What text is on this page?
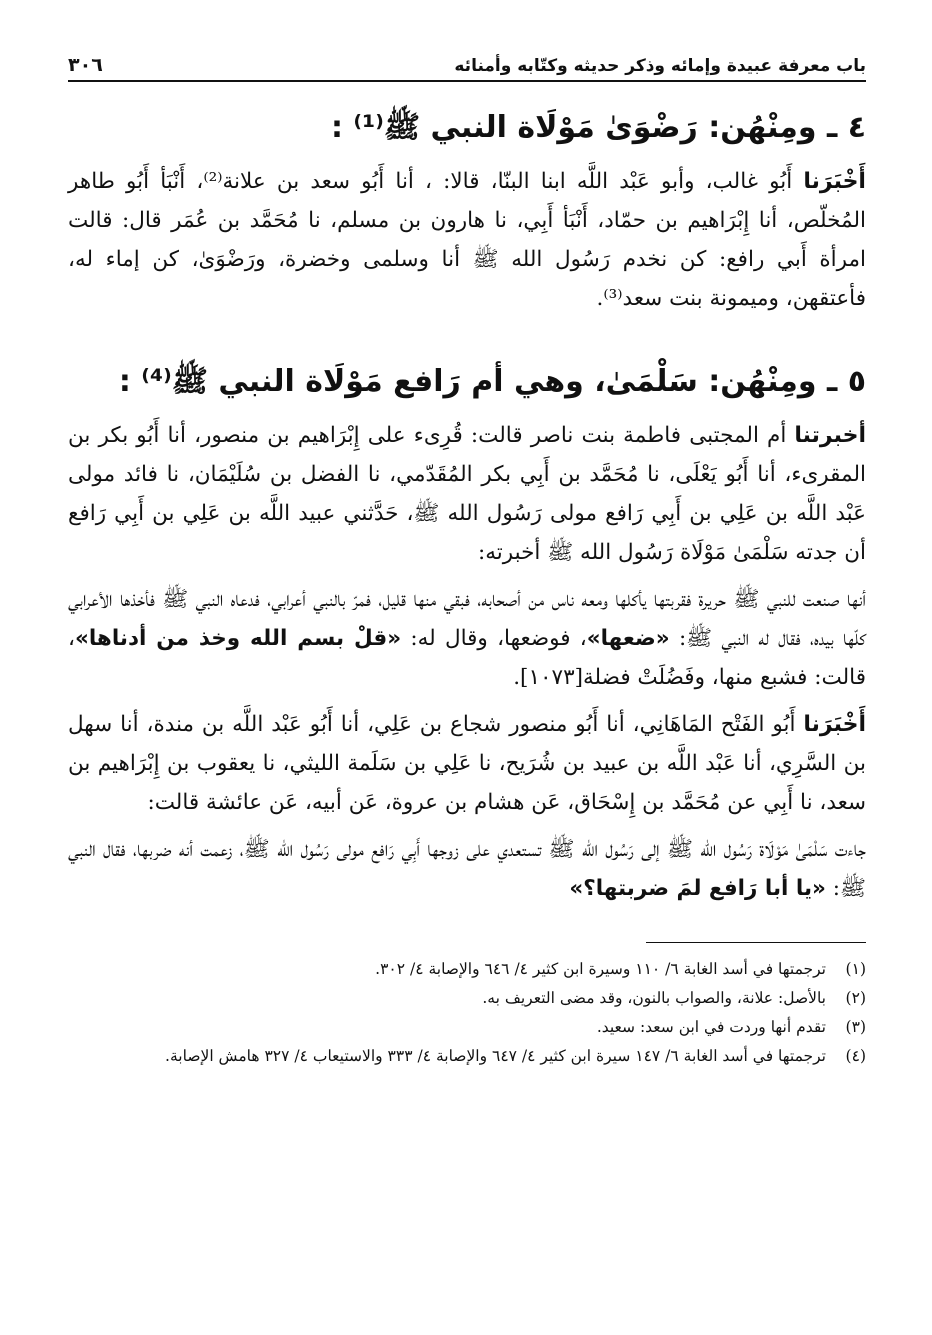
باب معرفة عبيدة وإمائه وذكر حديثه وكتّابه وأمنائه
٣٠٦
٤ ـ ومِنْهُن: رَضْوَىٰ مَوْلَاة النبي ﷺ⁽¹⁾ :

أَخْبَرَنا أَبُو غالب، وأبو عَبْد اللَّه ابنا البنّا، قالا: ، أنا أَبُو سعد بن علانة⁽²⁾، أَنْبَأ أَبُو طاهر المُخلّص، أنا إِبْرَاهيم بن حمّاد، أَنْبَأ أَبِي، نا هارون بن مسلم، نا مُحَمَّد بن عُمَر قال: قالت امرأة أَبي رافع: كن نخدم رَسُول الله ﷺ أنا وسلمى وخضرة، ورَضْوَىٰ، كن إماء له، فأعتقهن، وميمونة بنت سعد⁽³⁾.

٥ ـ ومِنْهُن: سَلْمَىٰ، وهي أم رَافع مَوْلَاة النبي ﷺ⁽⁴⁾ :

أخبرتنا أم المجتبى فاطمة بنت ناصر قالت: قُرِىء على إِبْرَاهيم بن منصور، أنا أَبُو بكر بن المقرىء، أنا أَبُو يَعْلَى، نا مُحَمَّد بن أَبِي بكر المُقَدّمي، نا الفضل بن سُلَيْمَان، نا فائد مولى عَبْد اللَّه بن عَلِي بن أَبِي رَافع مولى رَسُول الله ﷺ، حَدَّثني عبيد اللَّه بن عَلِي بن أَبِي رَافع أن جدته سَلْمَىٰ مَوْلَاة رَسُول الله ﷺ أخبرته:

أنها صنعت للنبي ﷺ حريرة فقربتها يأكلها ومعه ناس من أصحابه، فبقي منها قليل، فمرّ بالنبي أعرابي، فدعاه النبي ﷺ فأخذها الأعرابي كلّها بيده، فقال له النبي ﷺ: «ضعها»، فوضعها، وقال له: «قلْ بسم الله وخذ من أدناها»، قالت: فشبع منها، وفَضُلَتْ فضلة[١٠٧٣].

أَخْبَرَنا أَبُو الفَتْح المَاهَانِي، أنا أَبُو منصور شجاع بن عَلِي، أنا أَبُو عَبْد اللَّه بن مندة، أنا سهل بن السَّرِي، أنا عَبْد اللَّه بن عبيد بن شُرَيح، نا عَلِي بن سَلَمة الليثي، نا يعقوب بن إِبْرَاهيم بن سعد، نا أَبِي عن مُحَمَّد بن إِسْحَاق، عَن هشام بن عروة، عَن أبيه، عَن عائشة قالت:

جاءت سَلْمَىٰ مَوْلَاة رَسُول الله ﷺ إلى رَسُول الله ﷺ تستعدي على زوجها أَبِي رَافع مولى رَسُول الله ﷺ، زعمت أنه ضربها، فقال النبي ﷺ: «يا أبا رَافع لمَ ضربتها؟»

(١)
ترجمتها في أسد الغابة ٦/ ١١٠ وسيرة ابن كثير ٤/ ٦٤٦ والإصابة ٤/ ٣٠٢.
(٢)
بالأصل: علانة، والصواب بالنون، وقد مضى التعريف به.
(٣)
تقدم أنها وردت في ابن سعد: سعيد.
(٤)
ترجمتها في أسد الغابة ٦/ ١٤٧ سيرة ابن كثير ٤/ ٦٤٧ والإصابة ٤/ ٣٣٣ والاستيعاب ٤/ ٣٢٧ هامش الإصابة.
